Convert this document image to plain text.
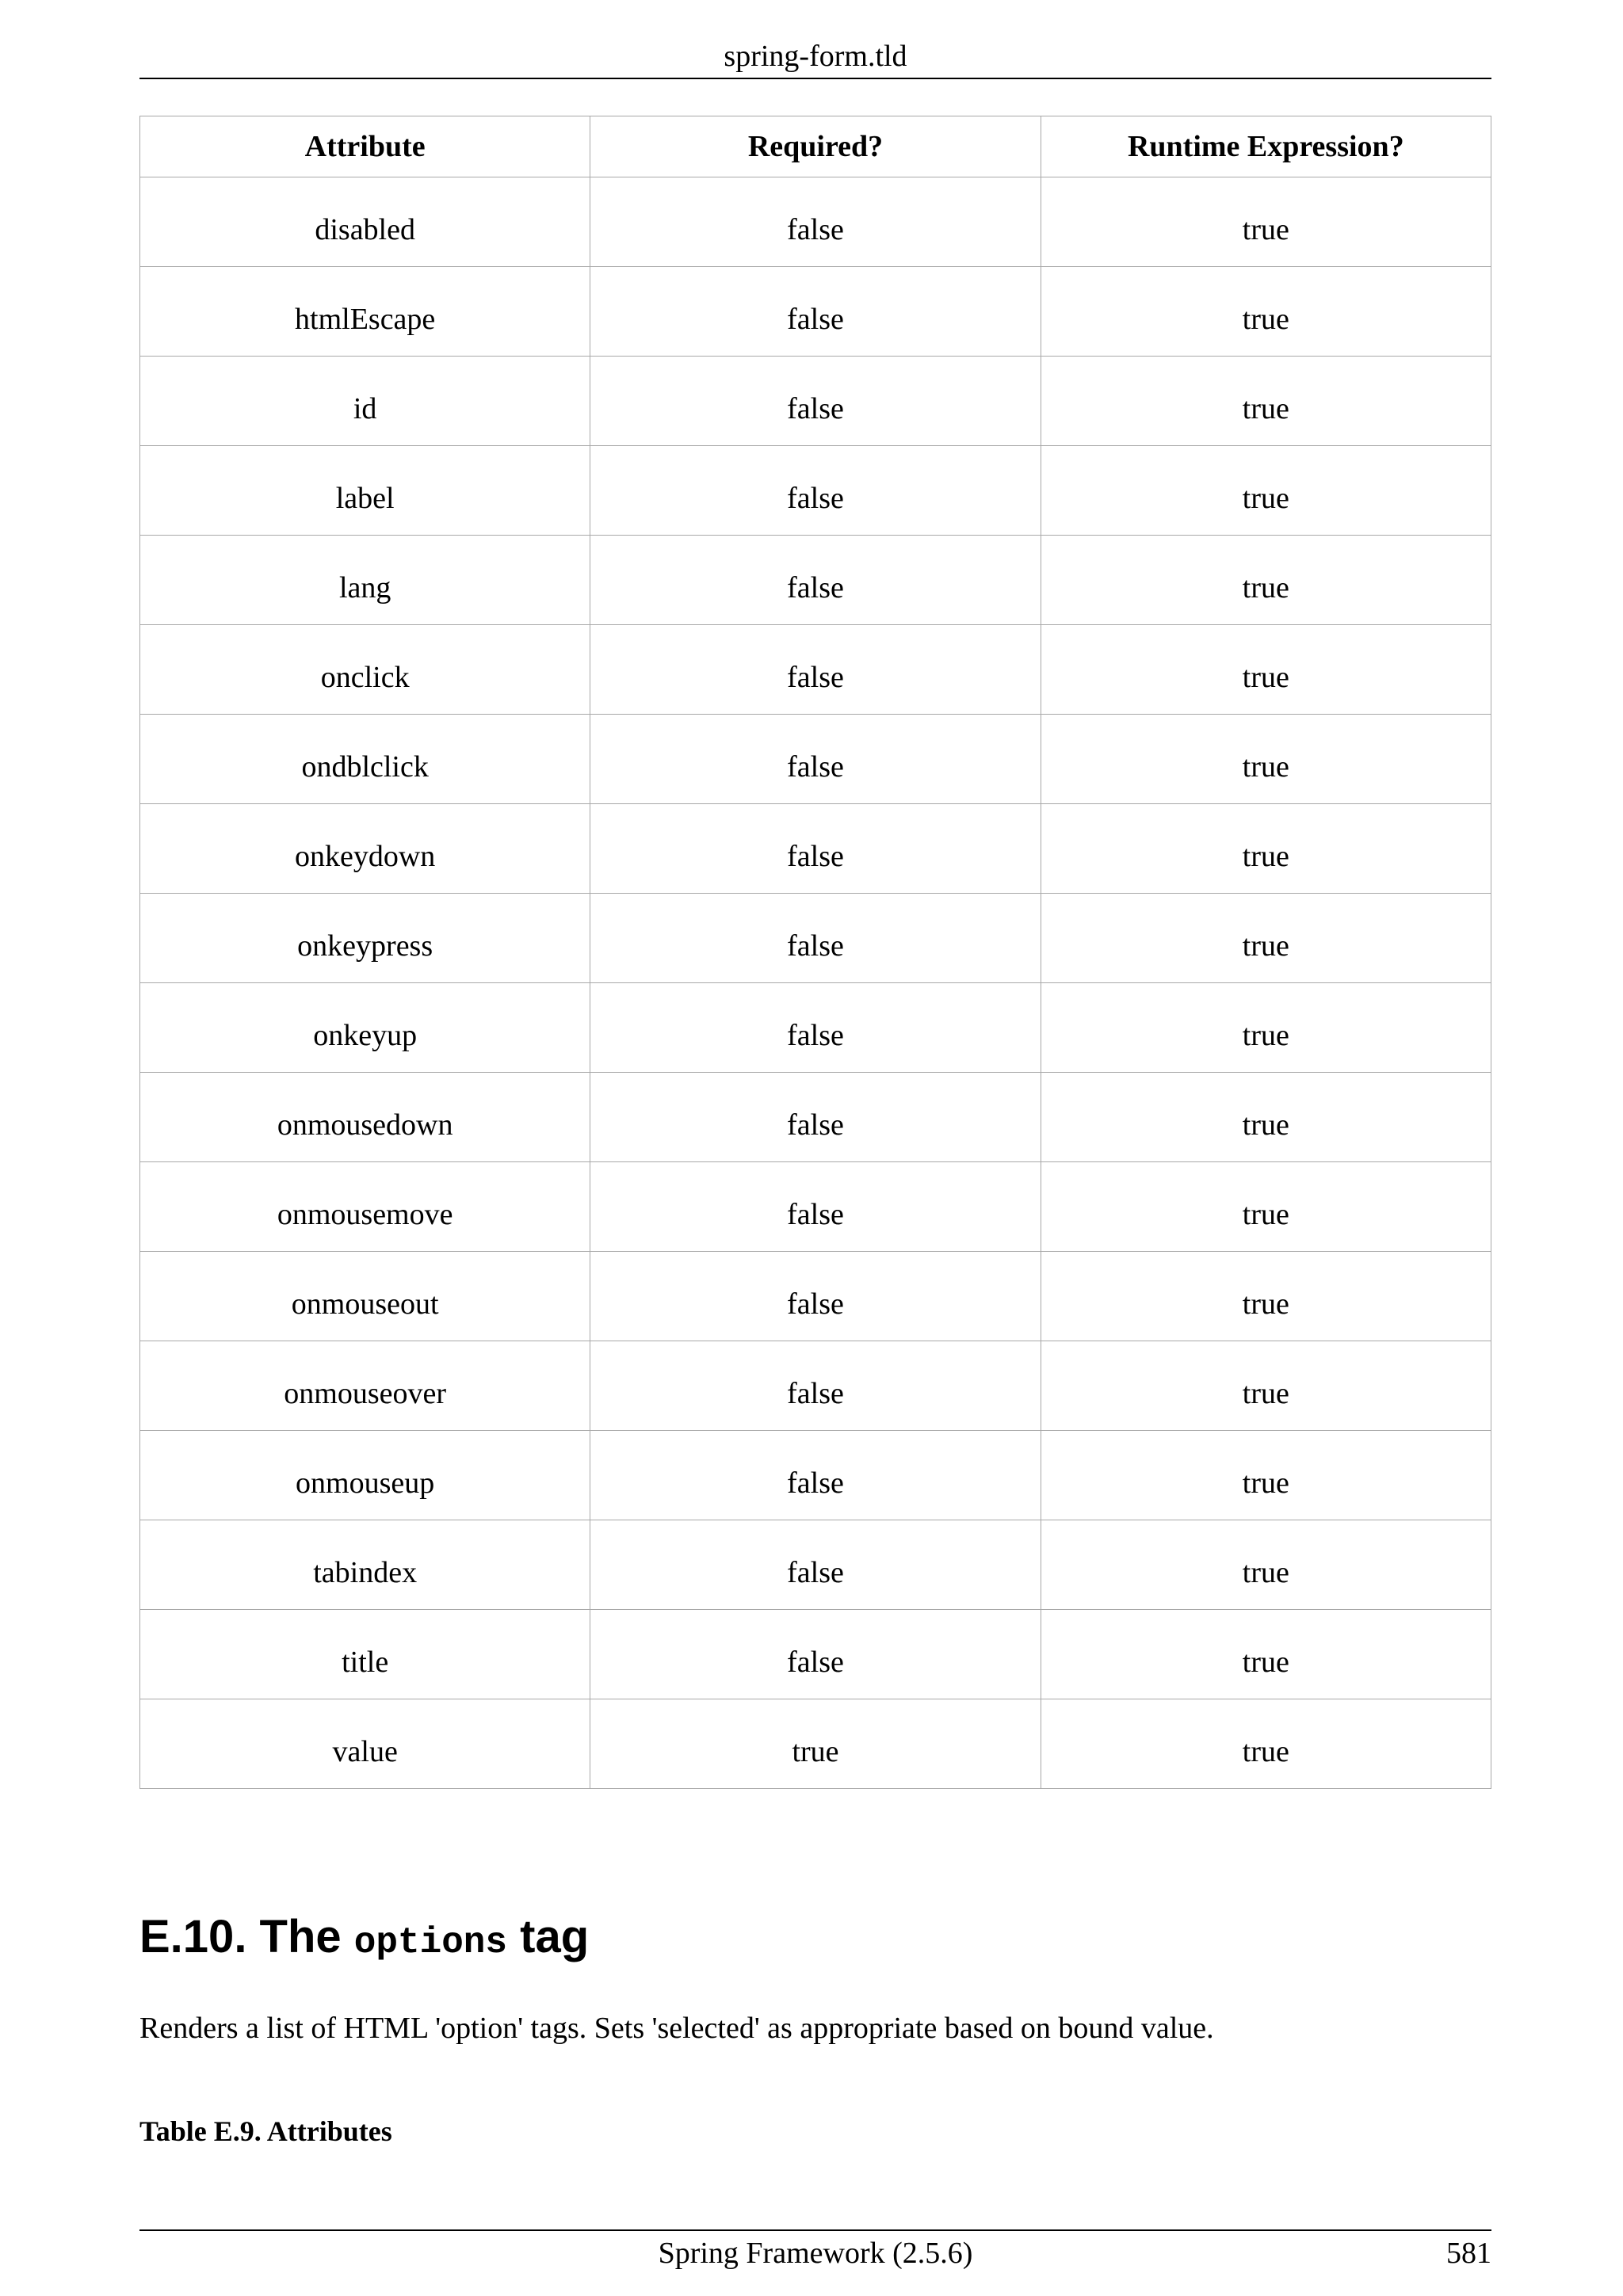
spring-form.tld
Attribute	Required?	Runtime Expression?
disabled	false	true
htmlEscape	false	true
id	false	true
label	false	true
lang	false	true
onclick	false	true
ondblclick	false	true
onkeydown	false	true
onkeypress	false	true
onkeyup	false	true
onmousedown	false	true
onmousemove	false	true
onmouseout	false	true
onmouseover	false	true
onmouseup	false	true
tabindex	false	true
title	false	true
value	true	true
E.10. The options tag

Renders a list of HTML 'option' tags. Sets 'selected' as appropriate based on bound value.

Table E.9. Attributes

Spring Framework (2.5.6)	581
